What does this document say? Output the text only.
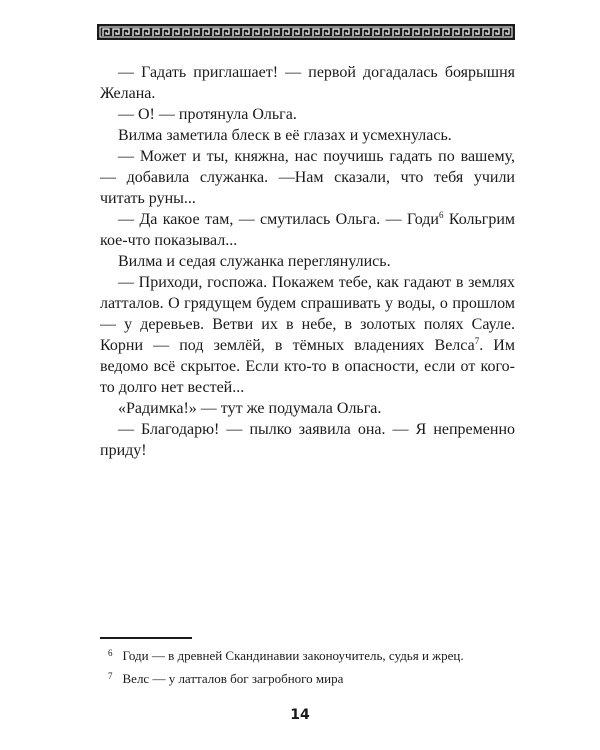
— Гадать приглашает! — первой догадалась боярышня Желана.

— О! — протянула Ольга.

Вилма заметила блеск в её глазах и усмехнулась.

— Может и ты, княжна, нас поучишь гадать по вашему, — добавила служанка. —Нам сказали, что тебя учили читать руны...

— Да какое там, — смутилась Ольга. — Годи$^6$ Кольгрим кое-что показывал...

Вилма и седая служанка переглянулись.

— Приходи, госпожа. Покажем тебе, как гадают в землях латталов. О грядущем будем спрашивать у воды, о прошлом — у деревьев. Ветви их в небе, в золотых полях Сауле. Корни — под землёй, в тёмных владениях Велса$^7$. Им ведомо всё скрытое. Если кто-то в опасности, если от кого-то долго нет вестей...

«Радимка!» — тут же подумала Ольга.

— Благодарю! — пылко заявила она. — Я непременно приду!

$^6$ Годи — в древней Скандинавии законоучитель, судья и жрец.

$^7$ Велс — у латталов бог загробного мира

14
